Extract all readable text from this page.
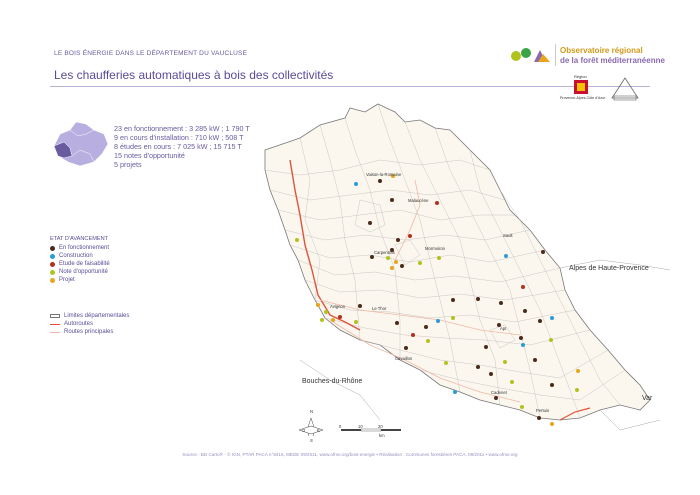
LE BOIS ÉNERGIE DANS LE DÉPARTEMENT DU VAUCLUSE
Les chaufferies automatiques à bois des collectivités
Observatoire régional
de la forêt méditerranéenne
Région
Provence-Alpes-Côte d'Azur
23 en fonctionnement : 3 285 kW ; 1 790 T
9 en cours d'installation : 710 kW ; 508 T
8 études en cours : 7 025 kW ; 15 715 T
15 notes d'opportunité
5 projets
ETAT D'AVANCEMENT
En fonctionnement
Construction
Etude de faisabilité
Note d'opportunité
Projet
Limites départementales
Autoroutes
Routes principales
Vaison-la-Romaine
Malaucène
Sault
Carpentras
Mormoiron
Avignon	Le Thor
Apt
Cavaillon
Cadenet
Pertuis
Alpes de Haute-Provence
Bouches-du-Rhône
Var
N
S
E
O
0	10	20
km
Source : BD Carto® - © IGN, PTAR PACA n°8416, MEDE 09/2011, www.ofme.org/bois-energie • Réalisation : Communes forestières PACA, 09/2011 • www.ofme.org
